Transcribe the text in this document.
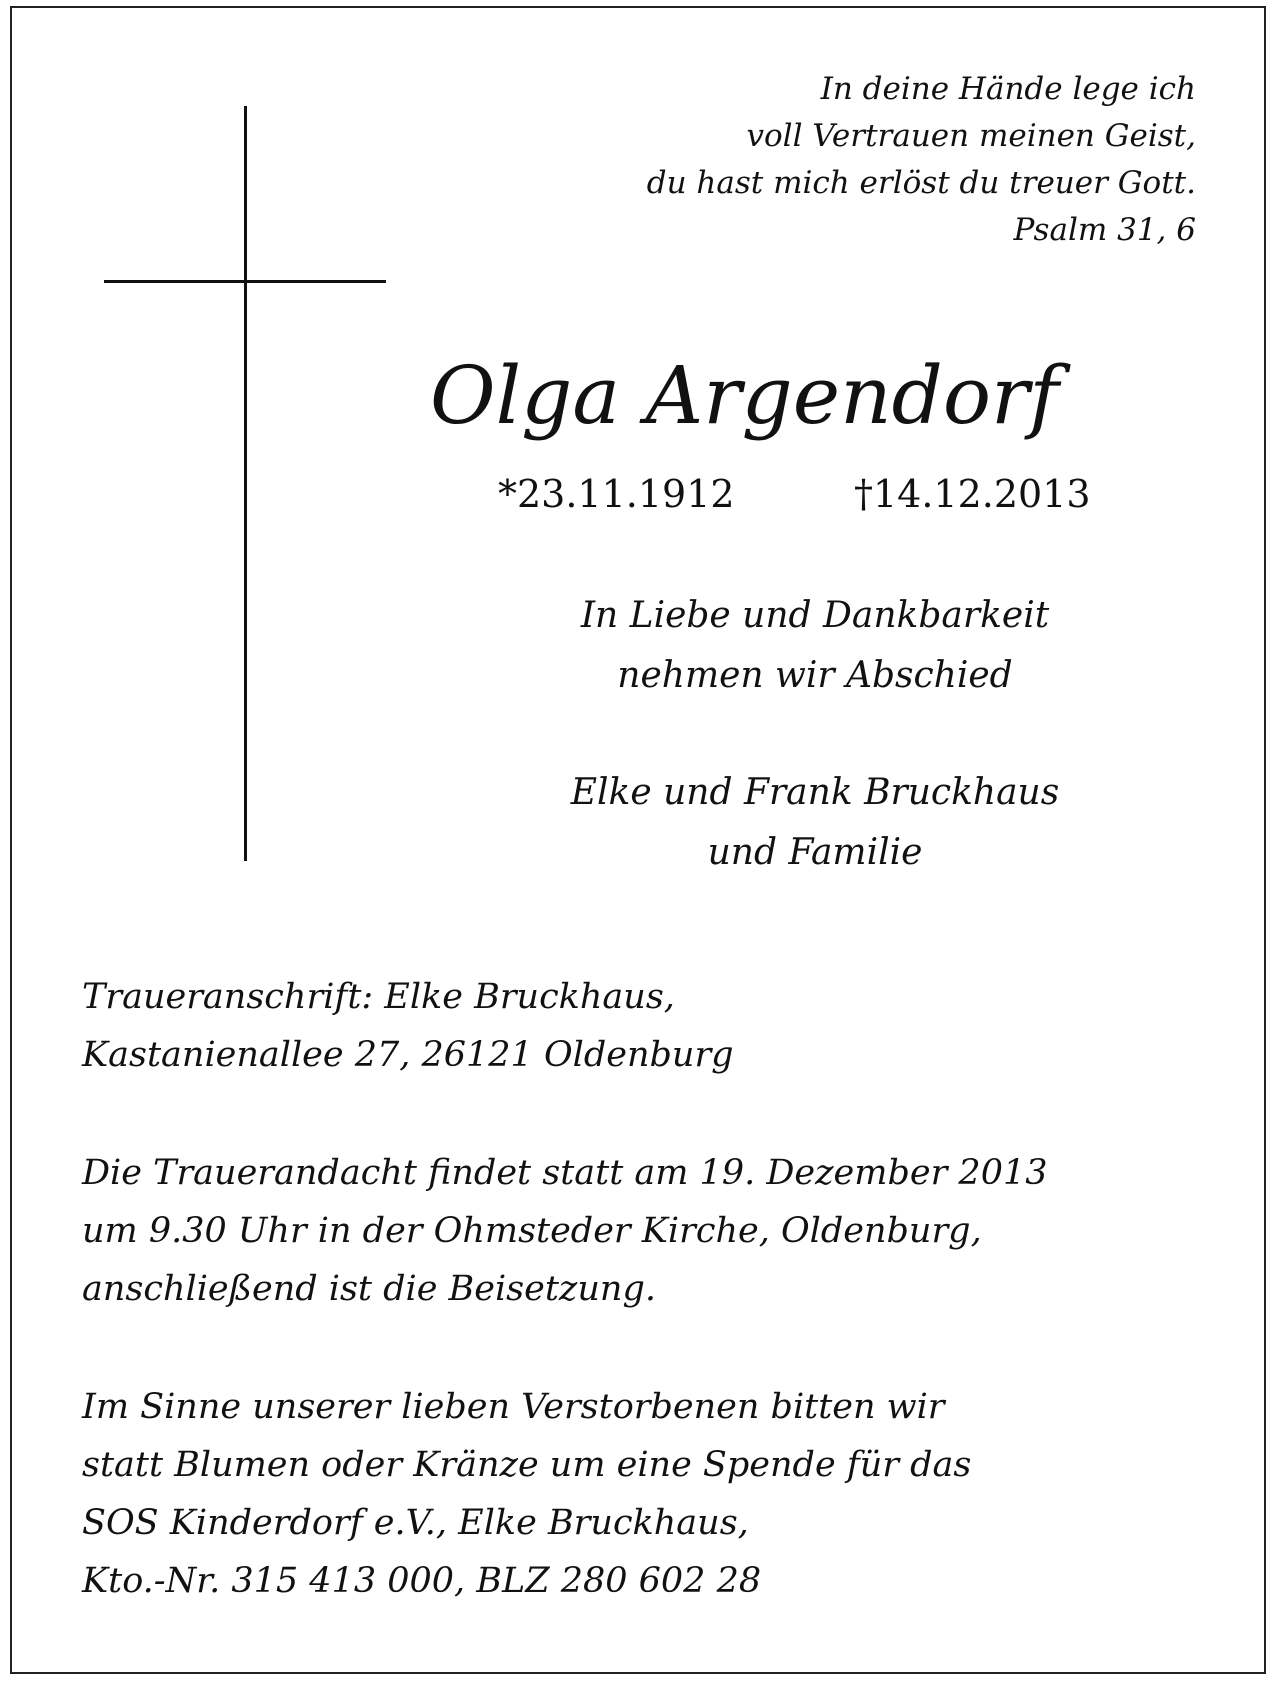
In deine Hände lege ich
voll Vertrauen meinen Geist,
du hast mich erlöst du treuer Gott.
Psalm 31, 6
Olga Argendorf
*23.11.1912	†14.12.2013
In Liebe und Dankbarkeit
nehmen wir Abschied
Elke und Frank Bruckhaus
und Familie
Traueranschrift: Elke Bruckhaus,
Kastanienallee 27, 26121 Oldenburg
Die Trauerandacht findet statt am 19. Dezember 2013
um 9.30 Uhr in der Ohmsteder Kirche, Oldenburg,
anschließend ist die Beisetzung.
Im Sinne unserer lieben Verstorbenen bitten wir
statt Blumen oder Kränze um eine Spende für das
SOS Kinderdorf e.V., Elke Bruckhaus,
Kto.-Nr. 315 413 000, BLZ 280 602 28
